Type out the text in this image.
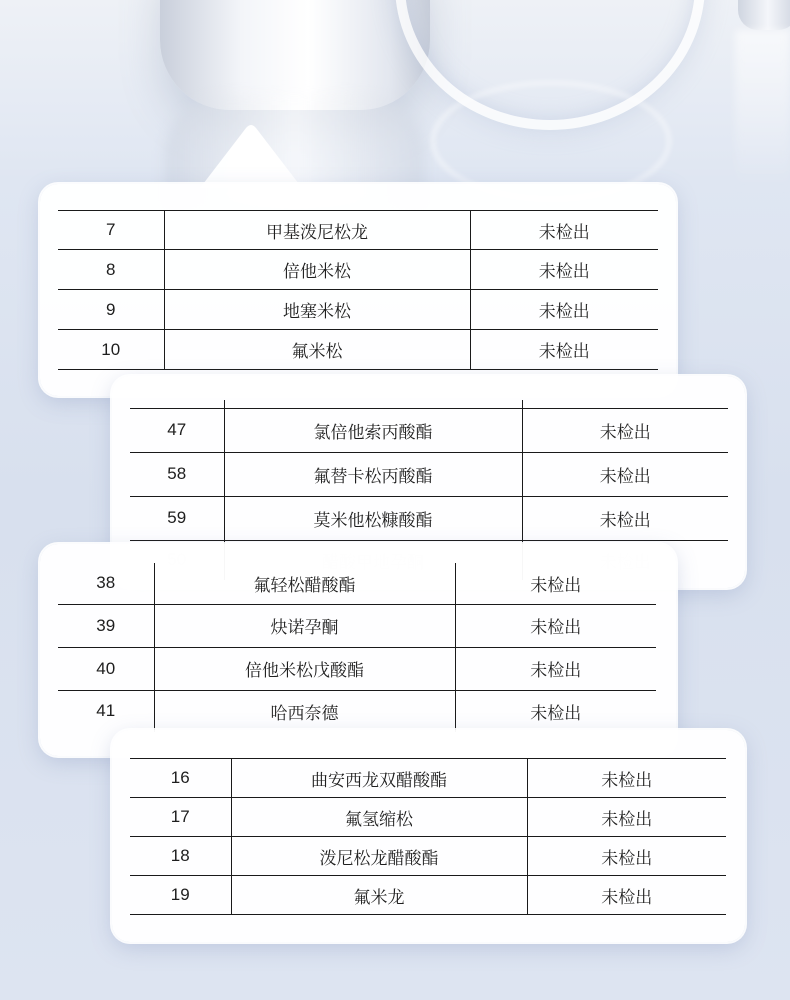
7	甲基泼尼松龙	未检出
8	倍他米松	未检出
9	地塞米松	未检出
10	氟米松	未检出

47	氯倍他索丙酸酯	未检出
58	氟替卡松丙酸酯	未检出
59	莫米他松糠酸酯	未检出

38	氟轻松醋酸酯	未检出
39	炔诺孕酮	未检出
40	倍他米松戊酸酯	未检出
41	哈西奈德	未检出
16	曲安西龙双醋酸酯	未检出
17	氟氢缩松	未检出
18	泼尼松龙醋酸酯	未检出
19	氟米龙	未检出
